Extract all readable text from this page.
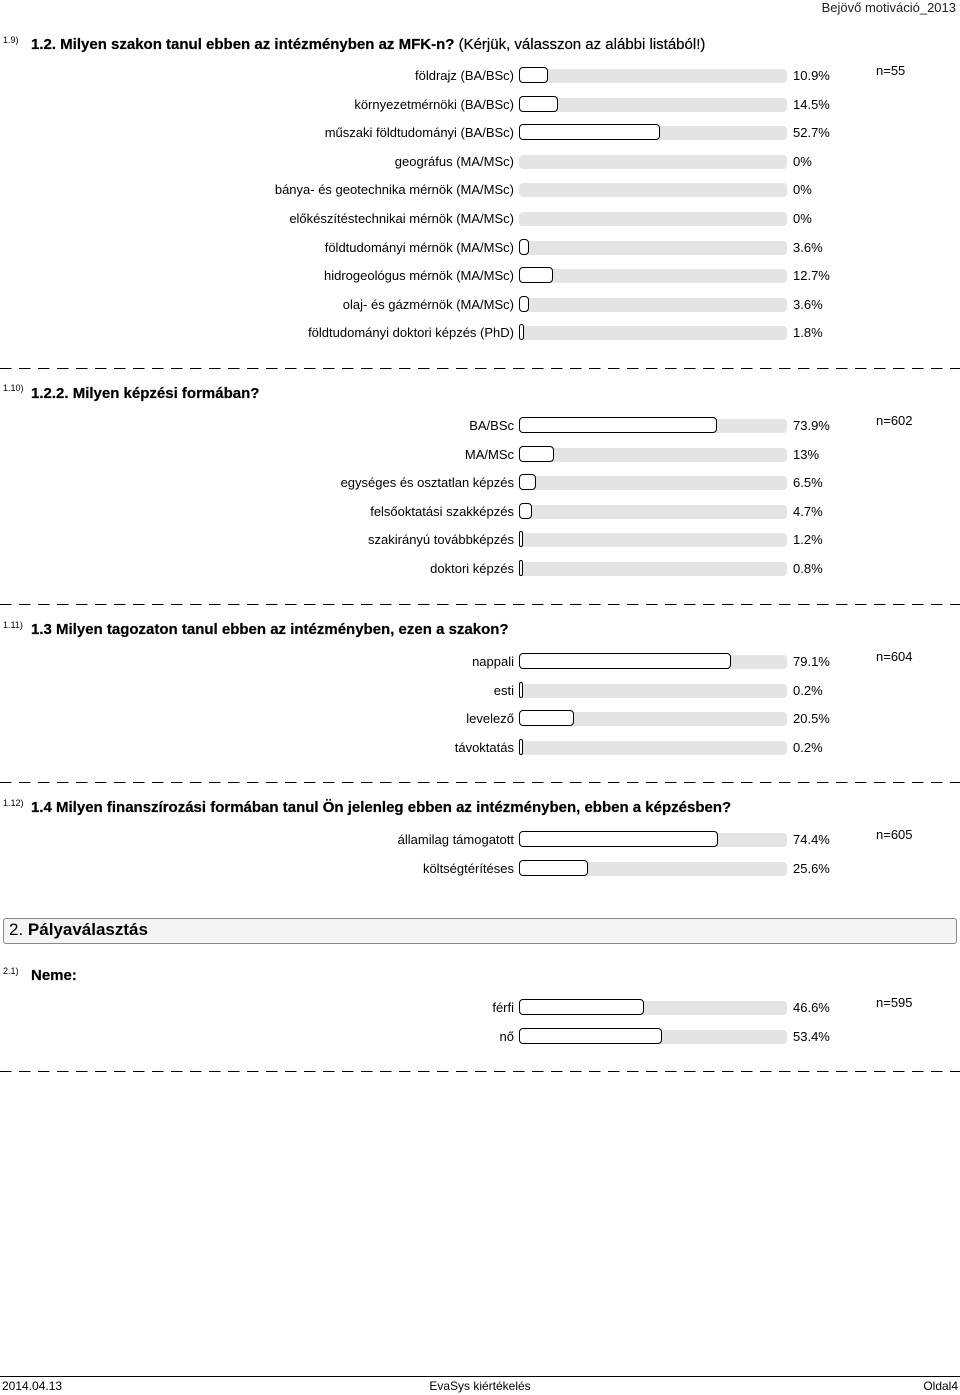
Bejövő motiváció_2013
1.9) 1.2. Milyen szakon tanul ebben az intézményben az MFK-n? (Kérjük, válasszon az alábbi listából!)
n=55
földrajz (BA/BSc)	10.9%
környezetmérnöki (BA/BSc)	14.5%
műszaki földtudományi (BA/BSc)	52.7%
geográfus (MA/MSc)	0%
bánya- és geotechnika mérnök (MA/MSc)	0%
előkészítéstechnikai mérnök (MA/MSc)	0%
földtudományi mérnök (MA/MSc)	3.6%
hidrogeológus mérnök (MA/MSc)	12.7%
olaj- és gázmérnök (MA/MSc)	3.6%
földtudományi doktori képzés (PhD)	1.8%
1.10) 1.2.2. Milyen képzési formában?
n=602
BA/BSc	73.9%
MA/MSc	13%
egységes és osztatlan képzés	6.5%
felsőoktatási szakképzés	4.7%
szakirányú továbbképzés	1.2%
doktori képzés	0.8%
1.11) 1.3 Milyen tagozaton tanul ebben az intézményben, ezen a szakon?
n=604
nappali	79.1%
esti	0.2%
levelező	20.5%
távoktatás	0.2%
1.12) 1.4 Milyen finanszírozási formában tanul Ön jelenleg ebben az intézményben, ebben a képzésben?
n=605
államilag támogatott	74.4%
költségtérítéses	25.6%
2. Pályaválasztás
2.1) Neme:
n=595
férfi	46.6%
nő	53.4%
2014.04.13	EvaSys kiértékelés	Oldal4
